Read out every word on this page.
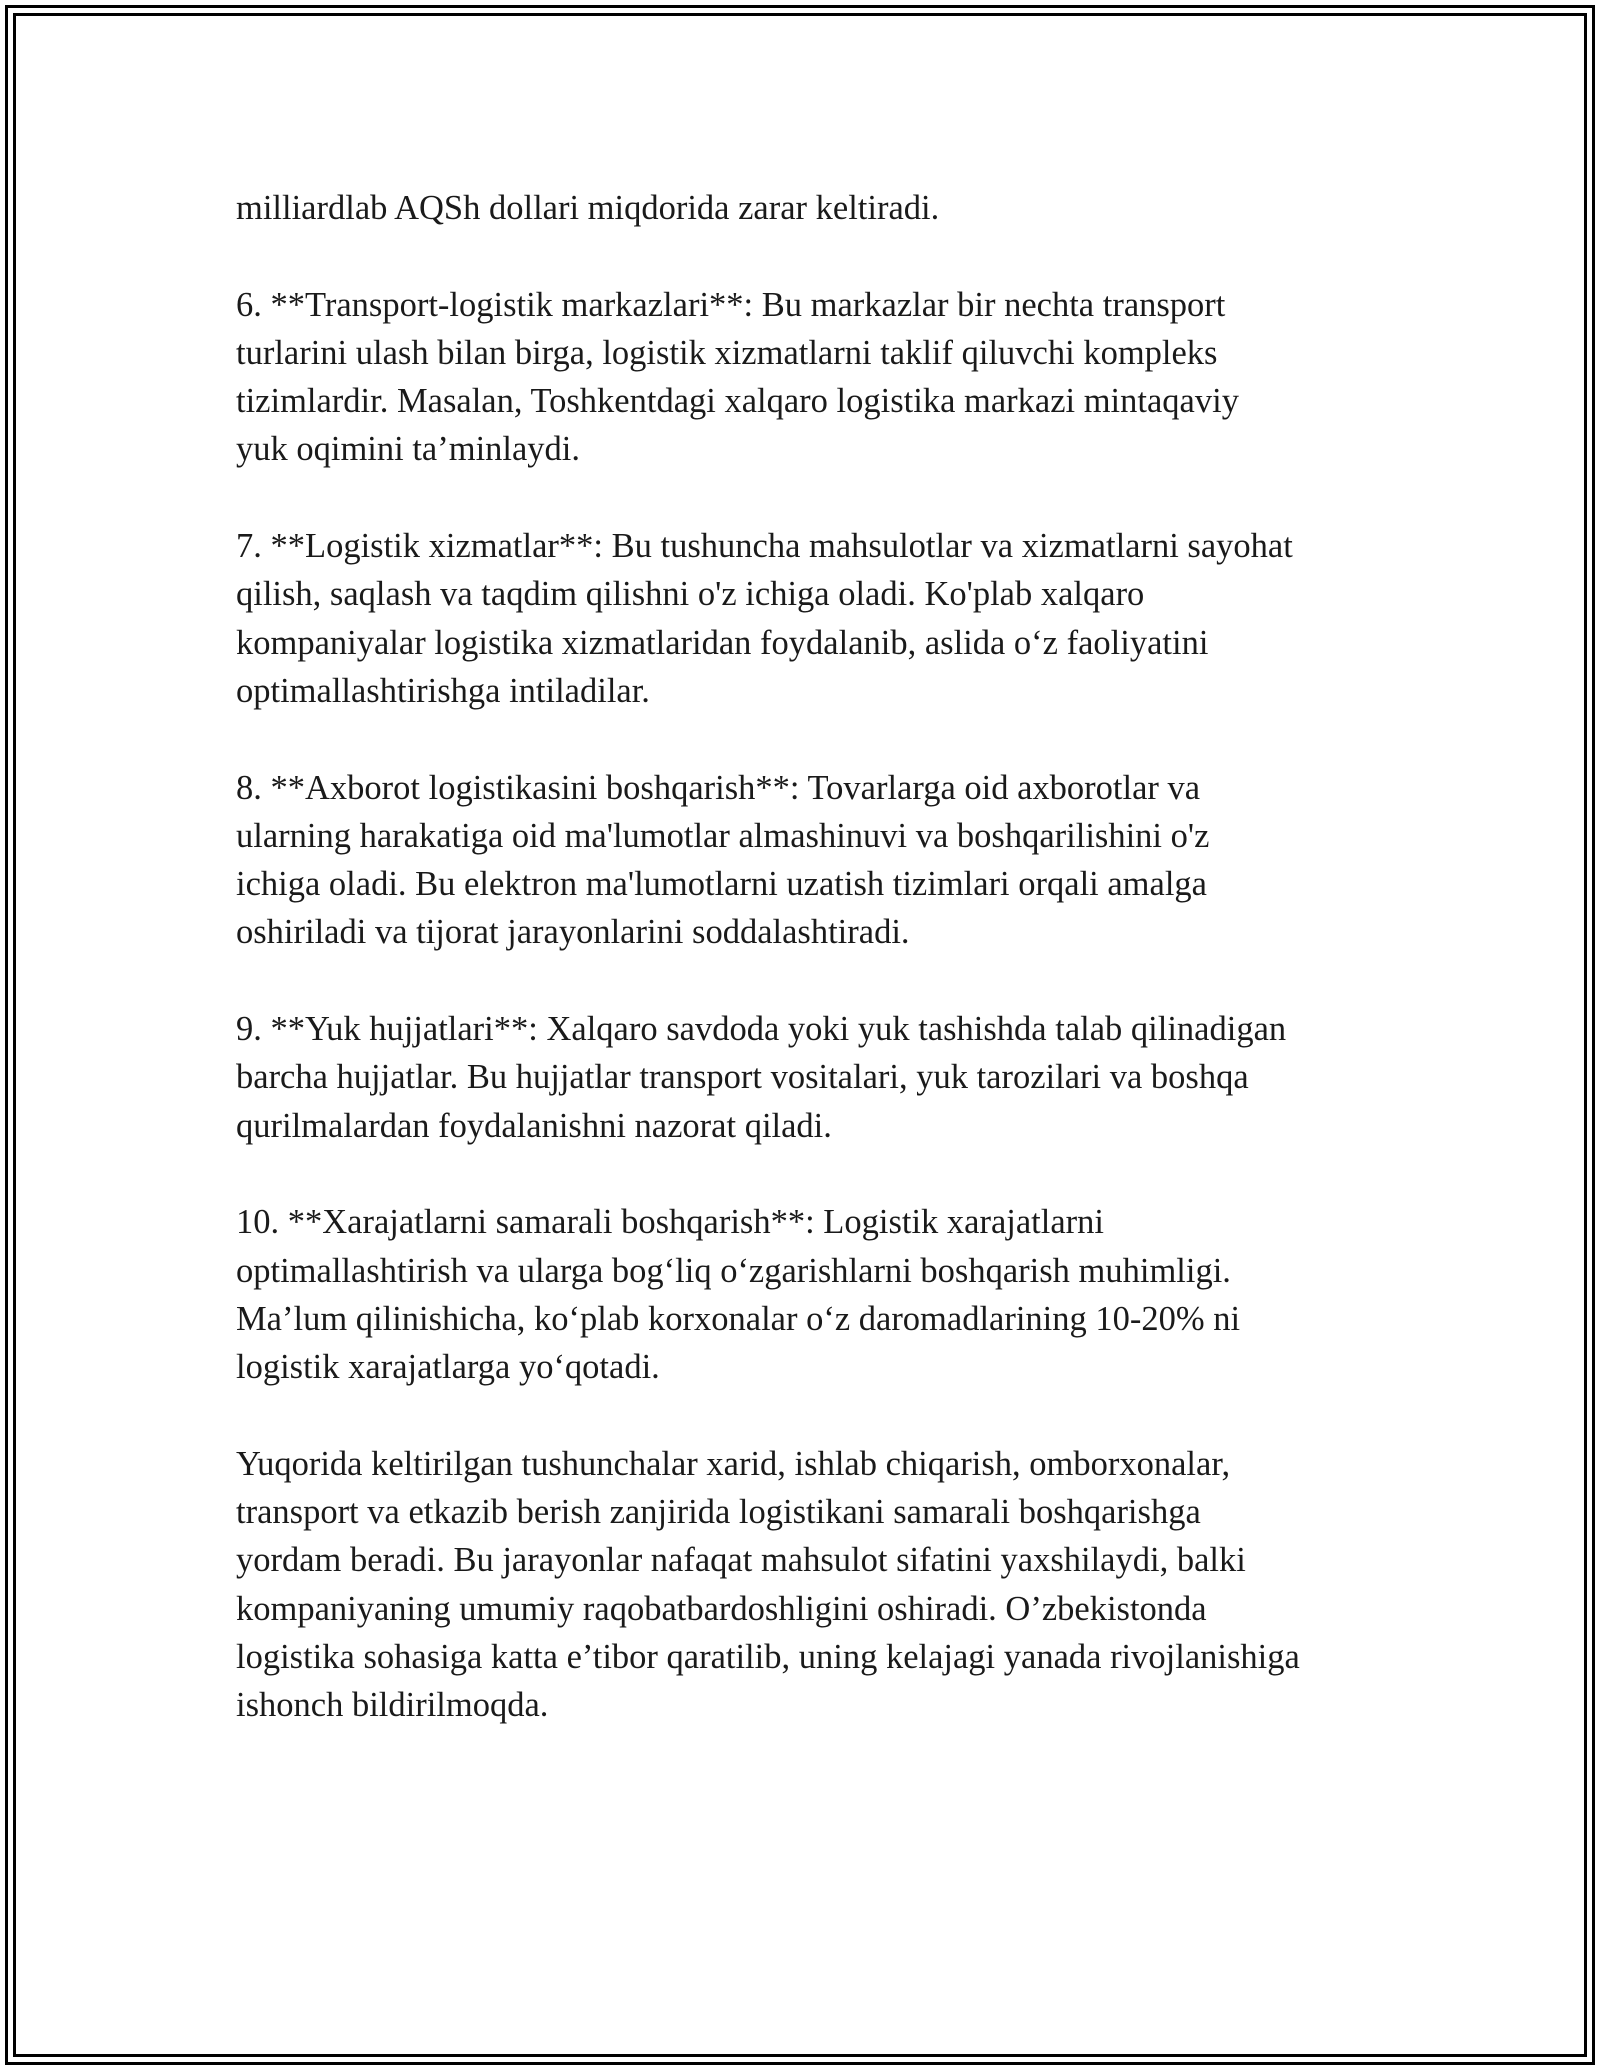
milliardlab AQSh dollari miqdorida zarar keltiradi.

6. **Transport-logistik markazlari**: Bu markazlar bir nechta transport
turlarini ulash bilan birga, logistik xizmatlarni taklif qiluvchi kompleks
tizimlardir. Masalan, Toshkentdagi xalqaro logistika markazi mintaqaviy
yuk oqimini ta’minlaydi.

7. **Logistik xizmatlar**: Bu tushuncha mahsulotlar va xizmatlarni sayohat
qilish, saqlash va taqdim qilishni o'z ichiga oladi. Ko'plab xalqaro
kompaniyalar logistika xizmatlaridan foydalanib, aslida o‘z faoliyatini
optimallashtirishga intiladilar.

8. **Axborot logistikasini boshqarish**: Tovarlarga oid axborotlar va
ularning harakatiga oid ma'lumotlar almashinuvi va boshqarilishini o'z
ichiga oladi. Bu elektron ma'lumotlarni uzatish tizimlari orqali amalga
oshiriladi va tijorat jarayonlarini soddalashtiradi.

9. **Yuk hujjatlari**: Xalqaro savdoda yoki yuk tashishda talab qilinadigan
barcha hujjatlar. Bu hujjatlar transport vositalari, yuk tarozilari va boshqa
qurilmalardan foydalanishni nazorat qiladi.

10. **Xarajatlarni samarali boshqarish**: Logistik xarajatlarni
optimallashtirish va ularga bog‘liq o‘zgarishlarni boshqarish muhimligi.
Ma’lum qilinishicha, ko‘plab korxonalar o‘z daromadlarining 10-20% ni
logistik xarajatlarga yo‘qotadi.

Yuqorida keltirilgan tushunchalar xarid, ishlab chiqarish, omborxonalar,
transport va etkazib berish zanjirida logistikani samarali boshqarishga
yordam beradi. Bu jarayonlar nafaqat mahsulot sifatini yaxshilaydi, balki
kompaniyaning umumiy raqobatbardoshligini oshiradi. O’zbekistonda
logistika sohasiga katta e’tibor qaratilib, uning kelajagi yanada rivojlanishiga
ishonch bildirilmoqda.
